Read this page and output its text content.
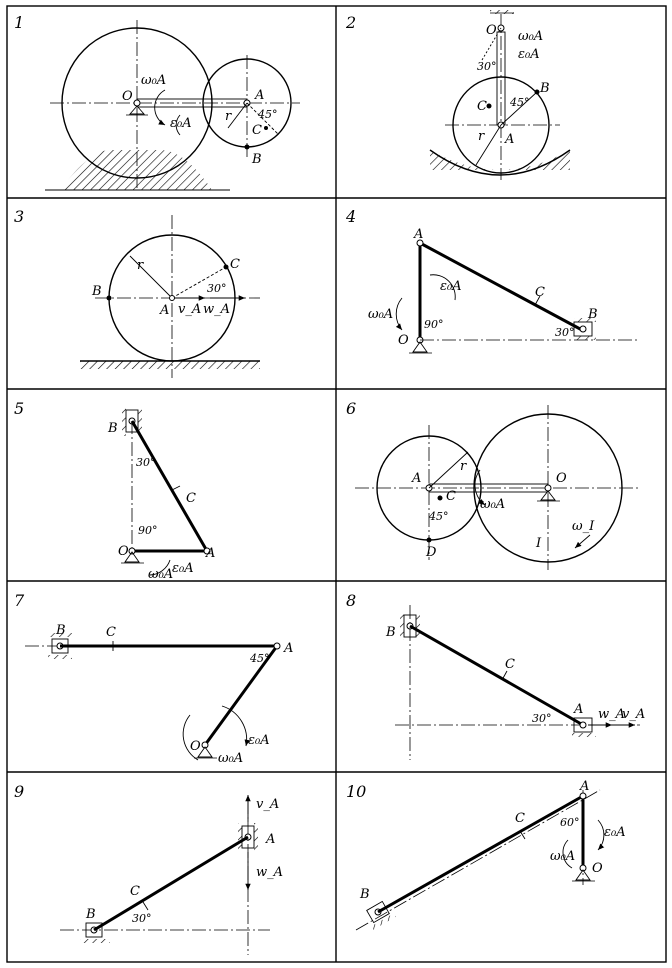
1
O	A
C
B
r 45°
ω₀A
ε₀A
2	O
A
B
C
r
30°
45°
ω₀A
ε₀A
3
A
B
C
r
30°
v_A w_A
4
A
B
C
O
90°
30°
ω₀A
ε₀A
5
B
C
O	A
30°
90°
ω₀A
ε₀A
6
A	O
C
D
r
45°
ω₀A
ω_I
I
7
B	C
A
O
45°
ω₀A
ε₀A
8
B
C
A
30°	w_A
v_A
9
B
C
A
30°
v_A
w_A
10	A
C
B
O
60°
ω₀A
ε₀A
